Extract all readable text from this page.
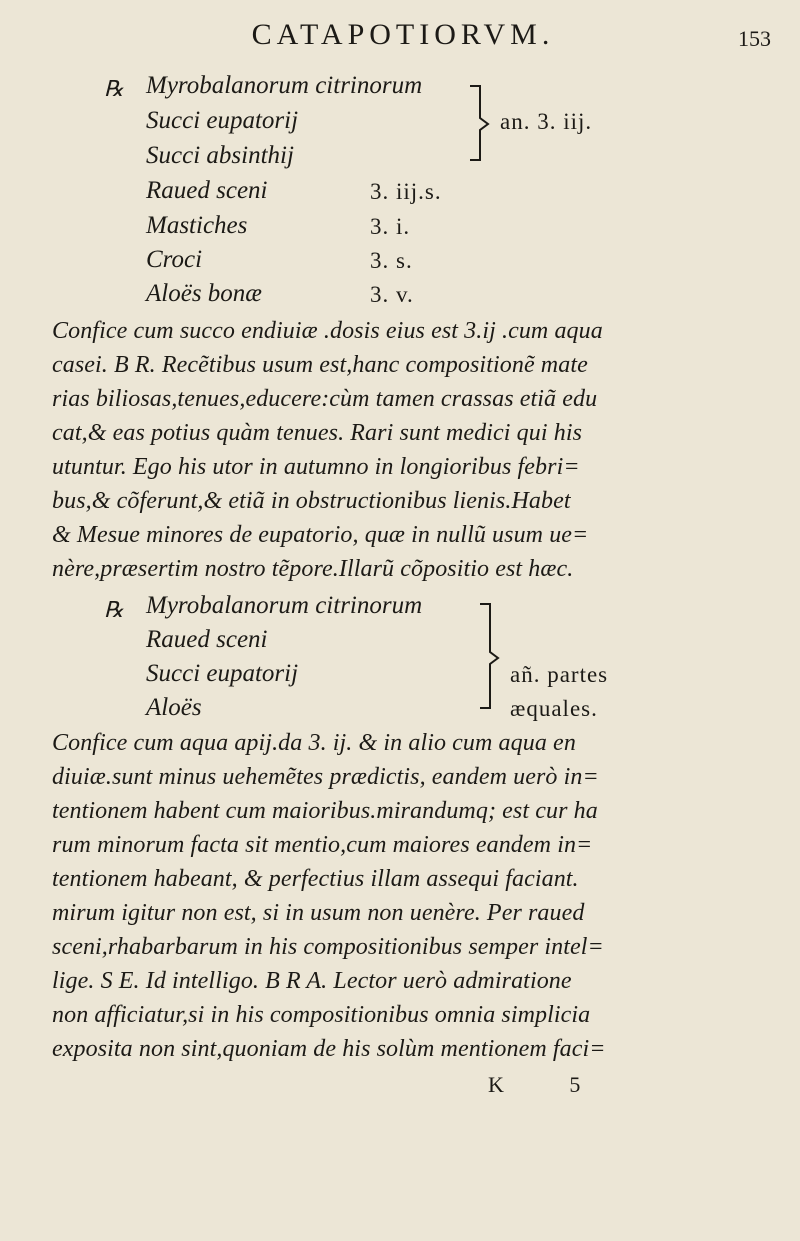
CATAPOTIORVM.	153
℞ Myrobalanorum citrinorum
Succi eupatorij
Succi absinthij
Raued sceni
Mastiches
Croci
Aloës bonæ
an. 3. iij.
3. iij.s.
3. i.
3. s.
3. v.
Confice cum succo endiuiæ .dosis eius est 3.ij .cum aqua
casei. B R. Recẽtibus usum est,hanc compositionẽ mate
rias biliosas,tenues,educere:cùm tamen crassas etiã edu
cat,& eas potius quàm tenues. Rari sunt medici qui his
utuntur. Ego his utor in autumno in longioribus febri=
bus,& cõferunt,& etiã in obstructionibus lienis.Habet
& Mesue minores de eupatorio, quæ in nullũ usum ue=
nère,præsertim nostro tẽpore.Illarũ cõpositio est hæc.
℞ Myrobalanorum citrinorum
Raued sceni
Succi eupatorij
Aloës
añ. partes
æquales.
Confice cum aqua apij.da 3. ij. & in alio cum aqua en
diuiæ.sunt minus uehemẽtes prædictis, eandem uerò in=
tentionem habent cum maioribus.mirandumq; est cur ha
rum minorum facta sit mentio,cum maiores eandem in=
tentionem habeant, & perfectius illam assequi faciant.
mirum igitur non est, si in usum non uenère. Per raued
sceni,rhabarbarum in his compositionibus semper intel=
lige. S E. Id intelligo. B R A. Lector uerò admiratione
non afficiatur,si in his compositionibus omnia simplicia
exposita non sint,quoniam de his solùm mentionem faci=
K 5
